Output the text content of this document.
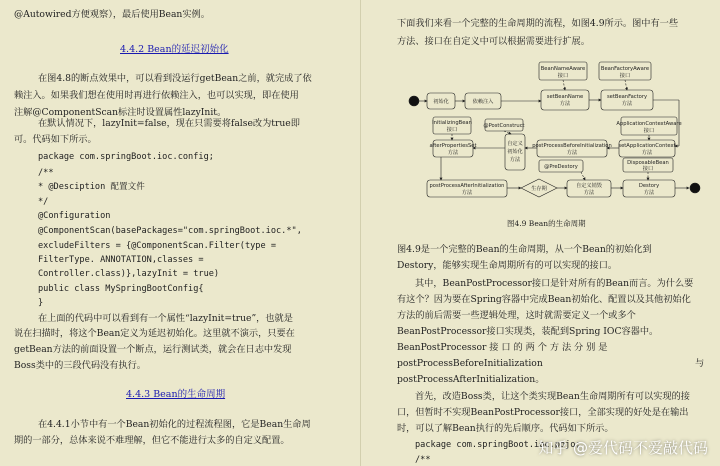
@Autowired方便观察），最后使用Bean实例。
4.4.2 Bean的延迟初始化
在图4.8的断点效果中，可以看到没运行getBean之前，就完成了依
赖注入。如果我们想在使用时再进行依赖注入，也可以实现，即在使用
注解@ComponentScan标注时设置属性lazyInit。
在默认情况下，lazyInit=false，现在只需要将false改为true即
可。代码如下所示。
package com.springBoot.ioc.config;
/**
* @Desciption 配置文件
*/
@Configuration
@ComponentScan(basePackages="com.springBoot.ioc.*",
excludeFilters = {@ComponentScan.Filter(type =
FilterType. ANNOTATION,classes =
Controller.class)},lazyInit = true)
public class MySpringBootConfig{
}
在上面的代码中可以看到有一个属性“lazyInit=true”，也就是
说在扫描时，将这个Bean定义为延迟初始化。这里就不演示，只要在
getBean方法的前面设置一个断点，运行测试类，就会在日志中发现
Boss类中的三段代码没有执行。
4.4.3 Bean的生命周期
在4.4.1小节中有一个Bean初始化的过程流程图，它是Bean生命周
期的一部分，总体来说不难理解，但它不能进行太多的自定义配置。
下面我们来看一个完整的生命周期的流程，如图4.9所示。图中有一些
方法、接口在自定义中可以根据需要进行扩展。
初始化	依赖注入
setBeanName
方法
setBeanFactory
方法
BeanNameAware
接口
BeanFactoryAware
接口
InitializingBean
接口
@PostConstruct	ApplicationContextAware
接口
setApplicationContext
方法
postProcessBeforeInitialization
方法
自定义
初始化
方法
afterPropertiesSet
方法
postProcessAfterInitialization
方法
生存期
@PreDestory
自定义销毁
方法
DisposableBean
接口
Destory
方法
图4.9 Bean的生命周期
图4.9是一个完整的Bean的生命周期，从一个Bean的初始化到
Destory，能够实现生命周期所有的可以实现的接口。
其中，BeanPostProcessor接口是针对所有的Bean而言。为什么要
有这个？因为要在Spring容器中完成Bean初始化、配置以及其他初始化
方法的前后需要一些逻辑处理，这时就需要定义一个或多个
BeanPostProcessor接口实现类，装配到Spring IOC容器中。
BeanPostProcessor 接 口 的 两 个 方 法 分 别 是
postProcessBeforeInitialization	与
postProcessAfterInitialization。
首先，改造Boss类，让这个类实现Bean生命周期所有可以实现的接
口，但暂时不实现BeanPostProcessor接口，全部实现的好处是在输出
时，可以了解Bean执行的先后顺序。代码如下所示。
package com.springBoot.ioc.pojo;
/**
知乎 @爱代码不爱敲代码
